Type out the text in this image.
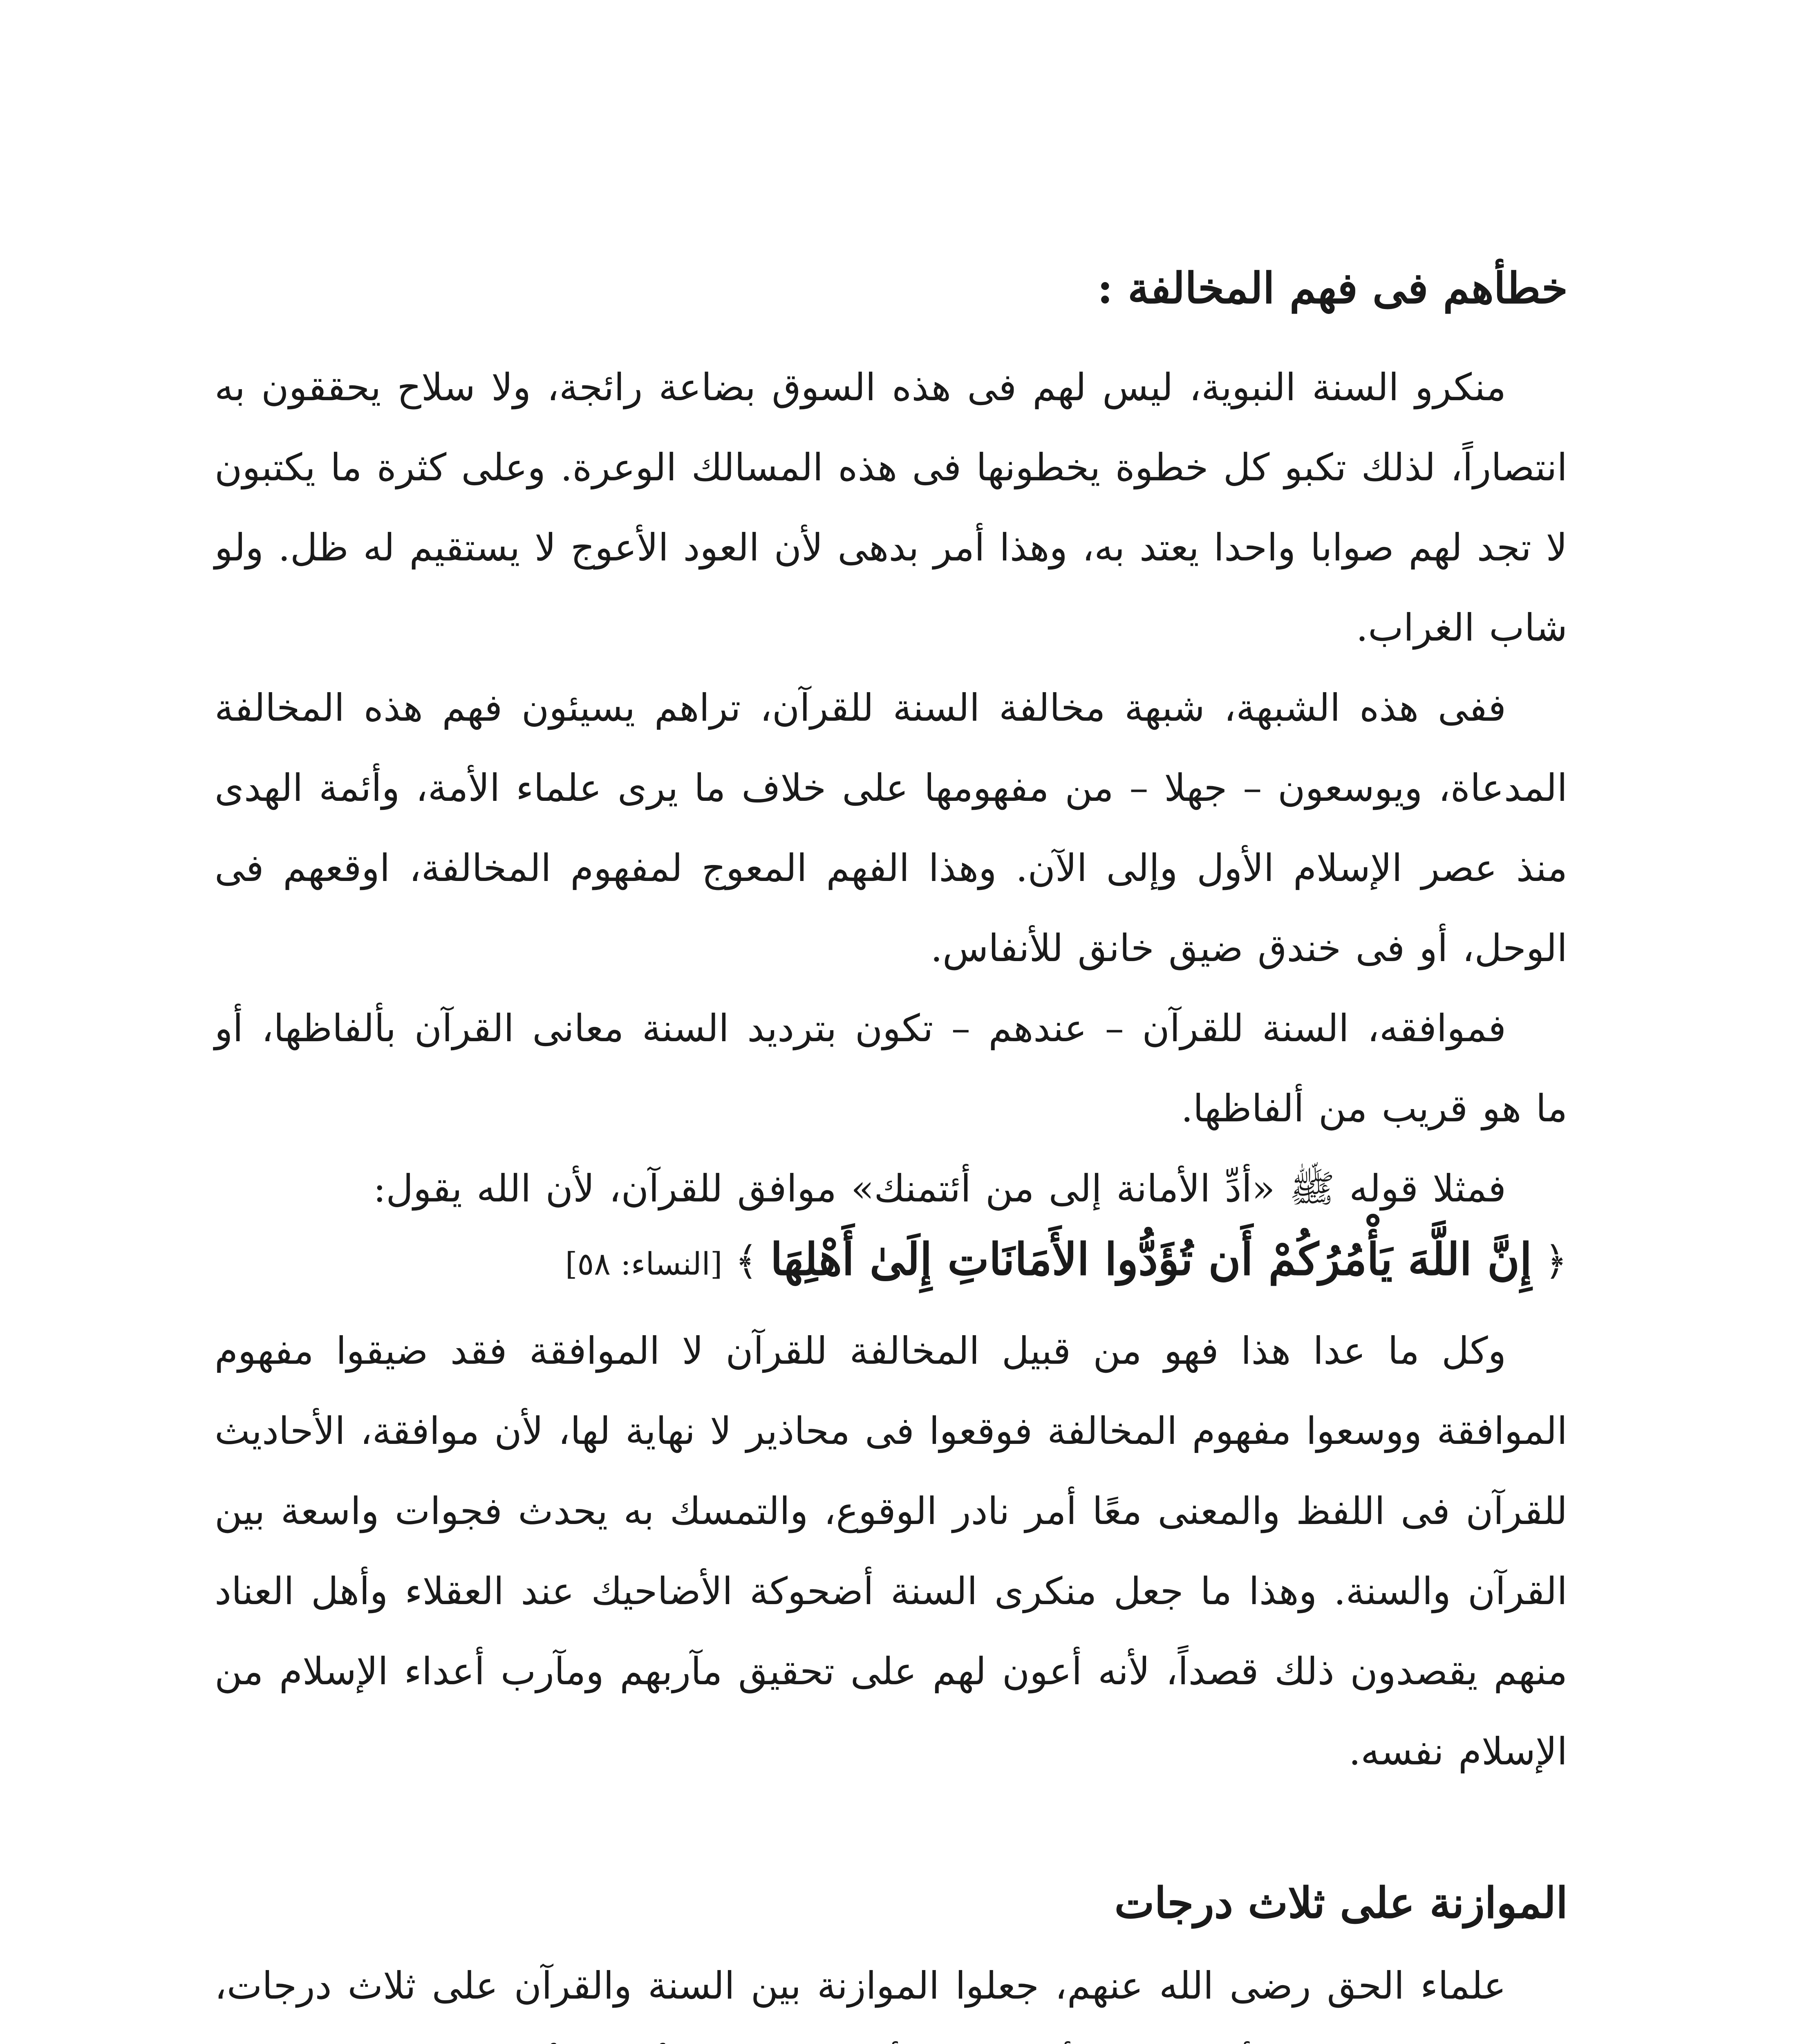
خطأهم فى فهم المخالفة :

منكرو السنة النبوية، ليس لهم فى هذه السوق بضاعة رائجة، ولا سلاح يحققون به انتصاراً، لذلك تكبو كل خطوة يخطونها فى هذه المسالك الوعرة. وعلى كثرة ما يكتبون لا تجد لهم صوابا واحدا يعتد به، وهذا أمر بدهى لأن العود الأعوج لا يستقيم له ظل. ولو شاب الغراب.

ففى هذه الشبهة، شبهة مخالفة السنة للقرآن، تراهم يسيئون فهم هذه المخالفة المدعاة، ويوسعون – جهلا – من مفهومها على خلاف ما يرى علماء الأمة، وأئمة الهدى منذ عصر الإسلام الأول وإلى الآن. وهذا الفهم المعوج لمفهوم المخالفة، اوقعهم فى الوحل، أو فى خندق ضيق خانق للأنفاس.

فموافقه، السنة للقرآن – عندهم – تكون بترديد السنة معانى القرآن بألفاظها، أو ما هو قريب من ألفاظها.

فمثلا قوله ﷺ «أدِّ الأمانة إلى من أئتمنك» موافق للقرآن، لأن الله يقول:

﴿ إِنَّ اللَّهَ يَأْمُرُكُمْ أَن تُؤَدُّوا الأَمَانَاتِ إِلَىٰ أَهْلِهَا ﴾ [النساء: ٥٨]

وكل ما عدا هذا فهو من قبيل المخالفة للقرآن لا الموافقة فقد ضيقوا مفهوم الموافقة ووسعوا مفهوم المخالفة فوقعوا فى محاذير لا نهاية لها، لأن موافقة، الأحاديث للقرآن فى اللفظ والمعنى معًا أمر نادر الوقوع، والتمسك به يحدث فجوات واسعة بين القرآن والسنة. وهذا ما جعل منكرى السنة أضحوكة الأضاحيك عند العقلاء وأهل العناد منهم يقصدون ذلك قصداً، لأنه أعون لهم على تحقيق مآربهم ومآرب أعداء الإسلام من الإسلام نفسه.

الموازنة على ثلاث درجات

علماء الحق رضى الله عنهم، جعلوا الموازنة بين السنة والقرآن على ثلاث درجات،
